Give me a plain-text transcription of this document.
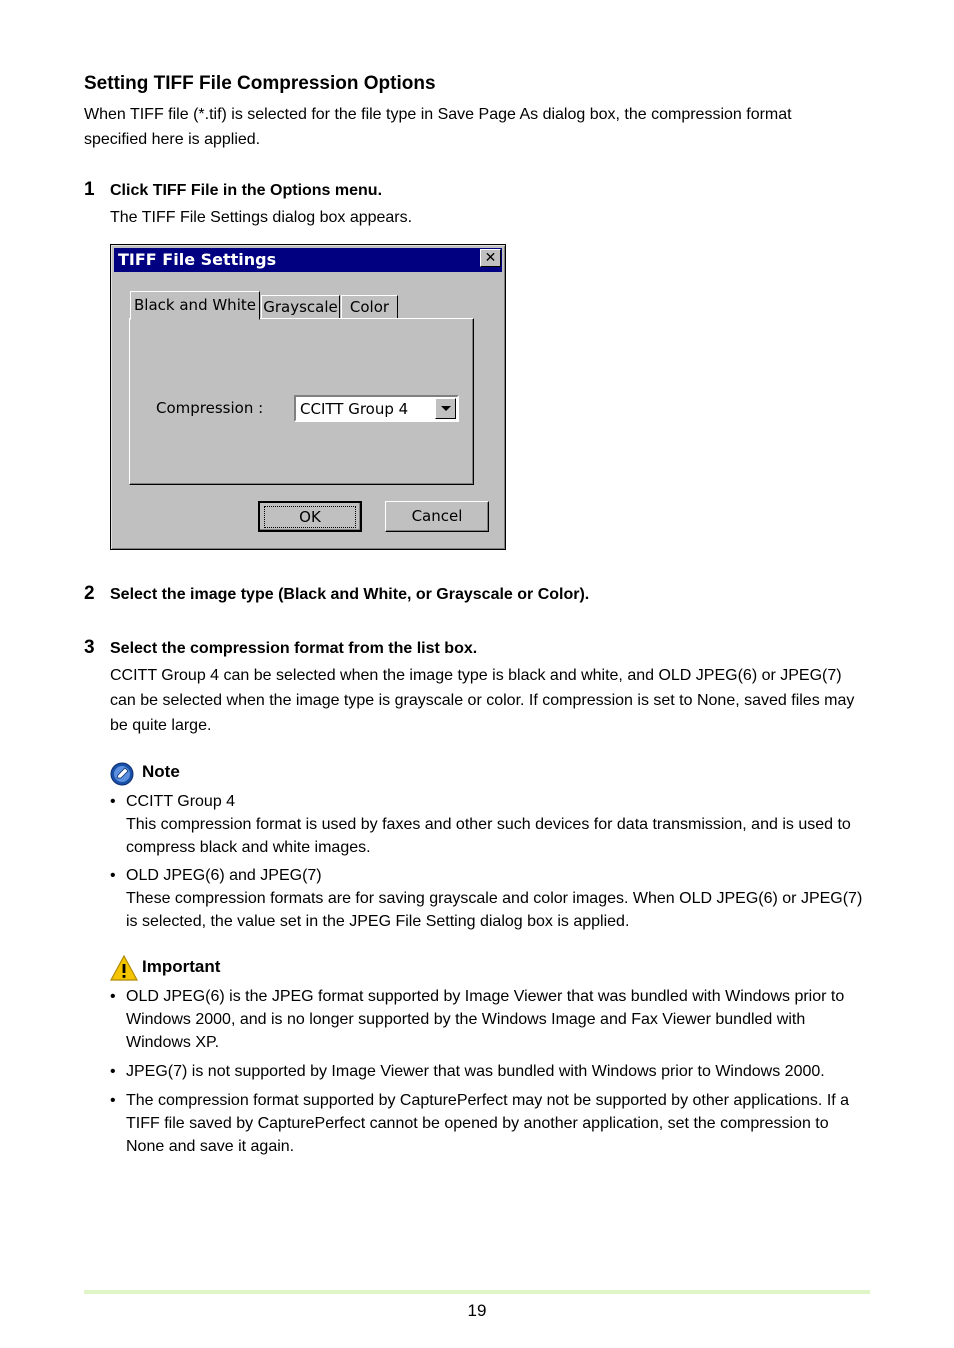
Setting TIFF File Compression Options
When TIFF file (*.tif) is selected for the file type in Save Page As dialog box, the compression format specified here is applied.
1 Click TIFF File in the Options menu.
The TIFF File Settings dialog box appears.
TIFF File Settings	✕
Compression :
Black and White Grayscale Color
CCITT Group 4
OK	Cancel
2 Select the image type (Black and White, or Grayscale or Color).
3 Select the compression format from the list box.
CCITT Group 4 can be selected when the image type is black and white, and OLD JPEG(6) or JPEG(7) can be selected when the image type is grayscale or color. If compression is set to None, saved files may be quite large.
Note
• CCITT Group 4
This compression format is used by faxes and other such devices for data transmission, and is used to compress black and white images.
• OLD JPEG(6) and JPEG(7)
These compression formats are for saving grayscale and color images. When OLD JPEG(6) or JPEG(7) is selected, the value set in the JPEG File Setting dialog box is applied.
Important
• OLD JPEG(6) is the JPEG format supported by Image Viewer that was bundled with Windows prior to Windows 2000, and is no longer supported by the Windows Image and Fax Viewer bundled with Windows XP.
• JPEG(7) is not supported by Image Viewer that was bundled with Windows prior to Windows 2000.
• The compression format supported by CapturePerfect may not be supported by other applications. If a TIFF file saved by CapturePerfect cannot be opened by another application, set the compression to None and save it again.
19
